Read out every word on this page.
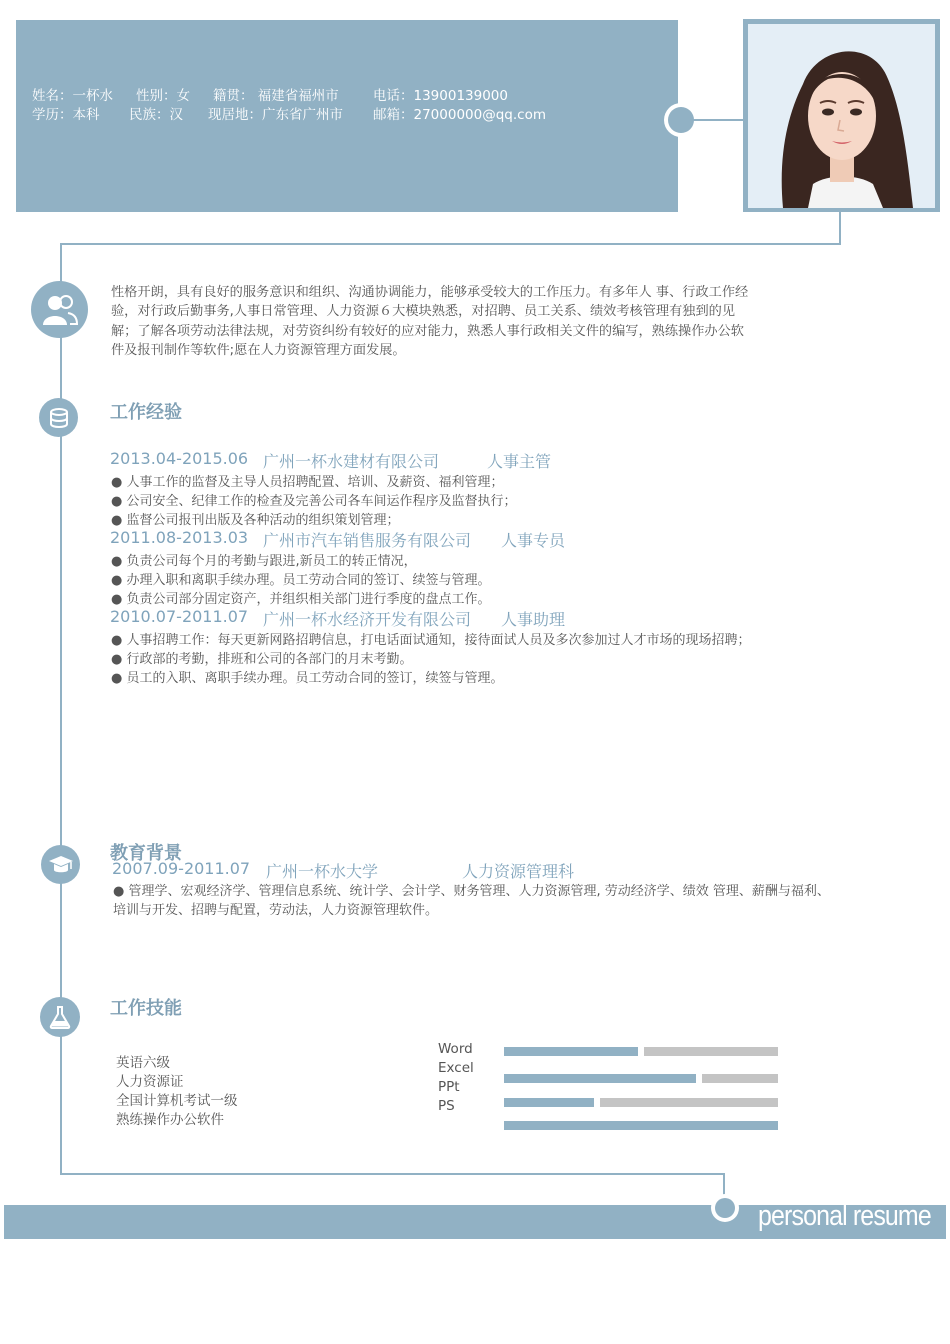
姓名：一杯水 性别：女 籍贯： 福建省福州市	电话：13900139000
学历：本科 民族：汉 现居地：广东省广州市 邮箱：27000000@qq.com
性格开朗，具有良好的服务意识和组织、沟通协调能力，能够承受较大的工作压力。有多年人 事、行政工作经验，对行政后勤事务,人事日常管理、人力资源６大模块熟悉，对招聘、员工关系、绩效考核管理有独到的见解；了解各项劳动法律法规，对劳资纠纷有较好的应对能力，熟悉人事行政相关文件的编写，熟练操作办公软件及报刊制作等软件;愿在人力资源管理方面发展。
工作经验
2013.04-2015.06 广州一杯水建材有限公司	人事主管
● 人事工作的监督及主导人员招聘配置、培训、及薪资、福利管理；
● 公司安全、纪律工作的检查及完善公司各车间运作程序及监督执行；
● 监督公司报刊出版及各种活动的组织策划管理；
2011.08-2013.03 广州市汽车销售服务有限公司 人事专员
● 负责公司每个月的考勤与跟进,新员工的转正情况，
● 办理入职和离职手续办理。员工劳动合同的签订、续签与管理。
● 负责公司部分固定资产，并组织相关部门进行季度的盘点工作。
2010.07-2011.07 广州一杯水经济开发有限公司 人事助理
● 人事招聘工作：每天更新网路招聘信息，打电话面试通知，接待面试人员及多次参加过人才市场的现场招聘；
● 行政部的考勤，排班和公司的各部门的月末考勤。
● 员工的入职、离职手续办理。员工劳动合同的签订，续签与管理。
教育背景
2007.09-2011.07 广州一杯水大学	人力资源管理科
● 管理学、宏观经济学、管理信息系统、统计学、会计学、财务管理、人力资源管理, 劳动经济学、绩效 管理、薪酬与福利、
培训与开发、招聘与配置，劳动法，人力资源管理软件。
工作技能
英语六级
人力资源证
全国计算机考试一级
熟练操作办公软件
Word
Excel
PPt
PS
personal resume
